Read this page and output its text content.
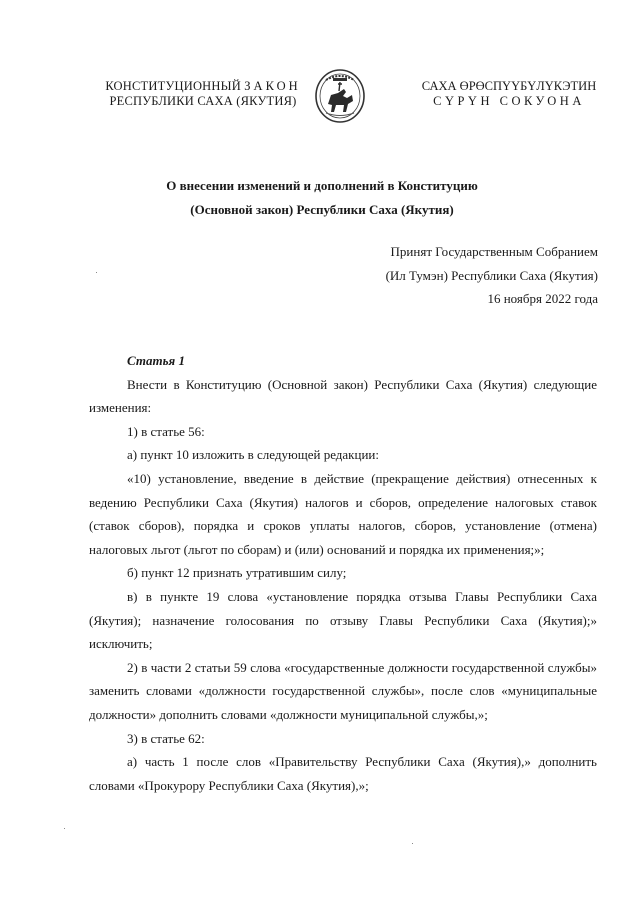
КОНСТИТУЦИОННЫЙ ЗАКОН
РЕСПУБЛИКИ САХА (ЯКУТИЯ)
САХА ӨРӨСПҮҮБҮЛҮКЭТИН
СҮРҮН СОКУОНА
О внесении изменений и дополнений в Конституцию
(Основной закон) Республики Саха (Якутия)
Принят Государственным Собранием
(Ил Тумэн) Республики Саха (Якутия)
16 ноября 2022 года

Статья 1

Внести в Конституцию (Основной закон) Республики Саха (Якутия) следующие изменения:

1) в статье 56:

а) пункт 10 изложить в следующей редакции:

«10) установление, введение в действие (прекращение действия) отнесенных к ведению Республики Саха (Якутия) налогов и сборов, определение налоговых ставок (ставок сборов), порядка и сроков уплаты налогов, сборов, установление (отмена) налоговых льгот (льгот по сборам) и (или) оснований и порядка их применения;»;

б) пункт 12 признать утратившим силу;

в) в пункте 19 слова «установление порядка отзыва Главы Республики Саха (Якутия); назначение голосования по отзыву Главы Республики Саха (Якутия);» исключить;

2) в части 2 статьи 59 слова «государственные должности государственной службы» заменить словами «должности государственной службы», после слов «муниципальные должности» дополнить словами «должности муниципальной службы,»;

3) в статье 62:

а) часть 1 после слов «Правительству Республики Саха (Якутия),» дополнить словами «Прокурору Республики Саха (Якутия),»;
